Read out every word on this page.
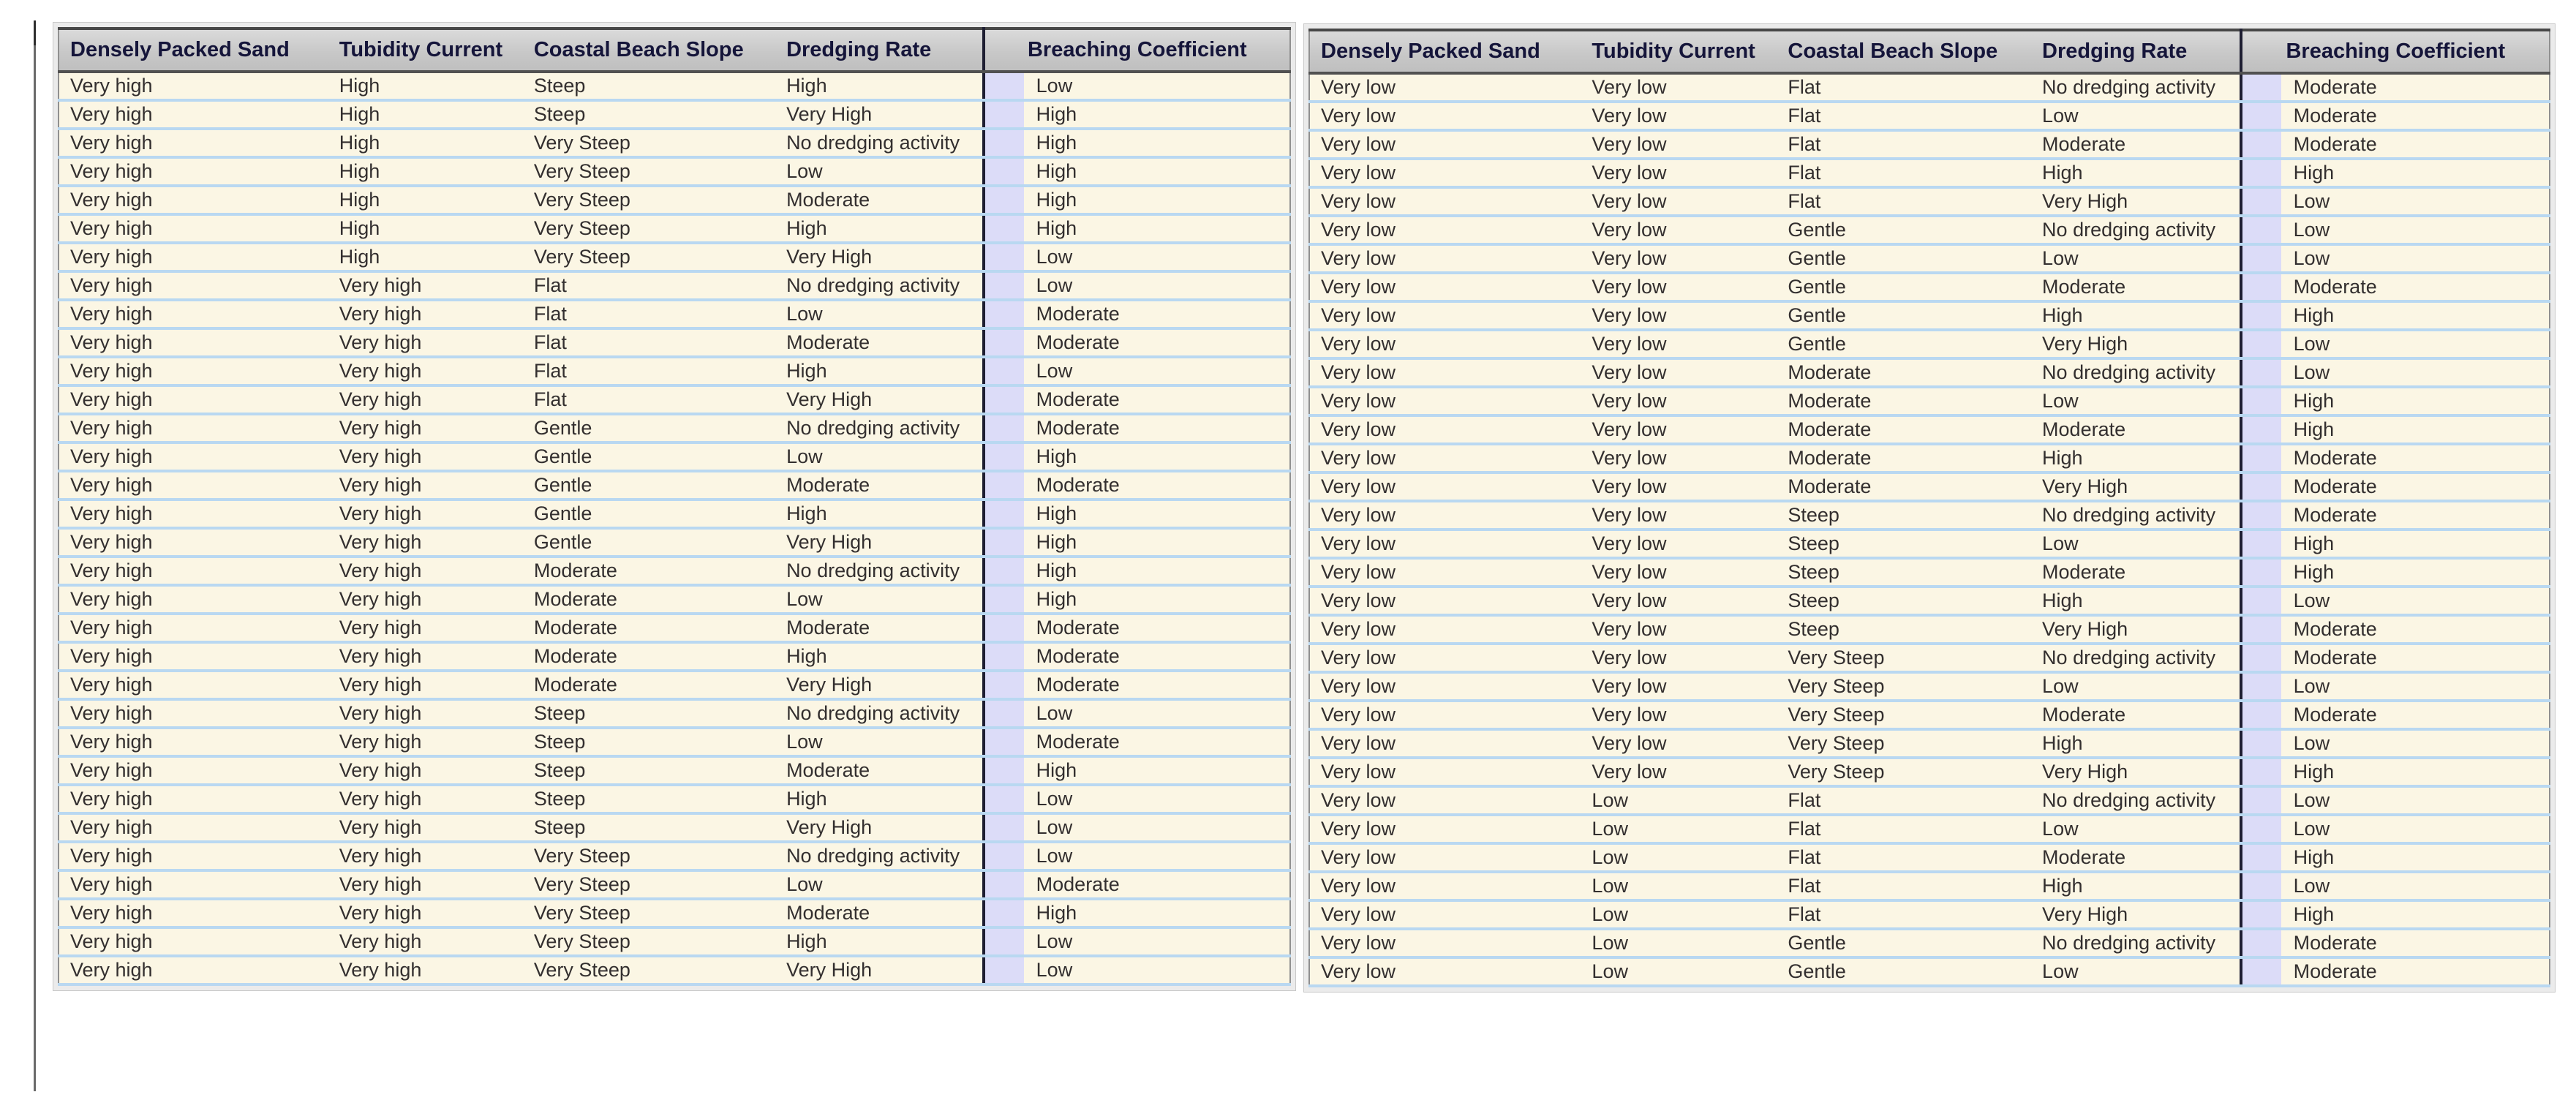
Densely Packed Sand	Tubidity Current	Coastal Beach Slope	Dredging Rate	Breaching Coefficient
Very high	High	Steep	High	Low
Very high	High	Steep	Very High	High
Very high	High	Very Steep	No dredging activity	High
Very high	High	Very Steep	Low	High
Very high	High	Very Steep	Moderate	High
Very high	High	Very Steep	High	High
Very high	High	Very Steep	Very High	Low
Very high	Very high	Flat	No dredging activity	Low
Very high	Very high	Flat	Low	Moderate
Very high	Very high	Flat	Moderate	Moderate
Very high	Very high	Flat	High	Low
Very high	Very high	Flat	Very High	Moderate
Very high	Very high	Gentle	No dredging activity	Moderate
Very high	Very high	Gentle	Low	High
Very high	Very high	Gentle	Moderate	Moderate
Very high	Very high	Gentle	High	High
Very high	Very high	Gentle	Very High	High
Very high	Very high	Moderate	No dredging activity	High
Very high	Very high	Moderate	Low	High
Very high	Very high	Moderate	Moderate	Moderate
Very high	Very high	Moderate	High	Moderate
Very high	Very high	Moderate	Very High	Moderate
Very high	Very high	Steep	No dredging activity	Low
Very high	Very high	Steep	Low	Moderate
Very high	Very high	Steep	Moderate	High
Very high	Very high	Steep	High	Low
Very high	Very high	Steep	Very High	Low
Very high	Very high	Very Steep	No dredging activity	Low
Very high	Very high	Very Steep	Low	Moderate
Very high	Very high	Very Steep	Moderate	High
Very high	Very high	Very Steep	High	Low
Very high	Very high	Very Steep	Very High	Low
Densely Packed Sand	Tubidity Current	Coastal Beach Slope	Dredging Rate	Breaching Coefficient
Very low	Very low	Flat	No dredging activity	Moderate
Very low	Very low	Flat	Low	Moderate
Very low	Very low	Flat	Moderate	Moderate
Very low	Very low	Flat	High	High
Very low	Very low	Flat	Very High	Low
Very low	Very low	Gentle	No dredging activity	Low
Very low	Very low	Gentle	Low	Low
Very low	Very low	Gentle	Moderate	Moderate
Very low	Very low	Gentle	High	High
Very low	Very low	Gentle	Very High	Low
Very low	Very low	Moderate	No dredging activity	Low
Very low	Very low	Moderate	Low	High
Very low	Very low	Moderate	Moderate	High
Very low	Very low	Moderate	High	Moderate
Very low	Very low	Moderate	Very High	Moderate
Very low	Very low	Steep	No dredging activity	Moderate
Very low	Very low	Steep	Low	High
Very low	Very low	Steep	Moderate	High
Very low	Very low	Steep	High	Low
Very low	Very low	Steep	Very High	Moderate
Very low	Very low	Very Steep	No dredging activity	Moderate
Very low	Very low	Very Steep	Low	Low
Very low	Very low	Very Steep	Moderate	Moderate
Very low	Very low	Very Steep	High	Low
Very low	Very low	Very Steep	Very High	High
Very low	Low	Flat	No dredging activity	Low
Very low	Low	Flat	Low	Low
Very low	Low	Flat	Moderate	High
Very low	Low	Flat	High	Low
Very low	Low	Flat	Very High	High
Very low	Low	Gentle	No dredging activity	Moderate
Very low	Low	Gentle	Low	Moderate
